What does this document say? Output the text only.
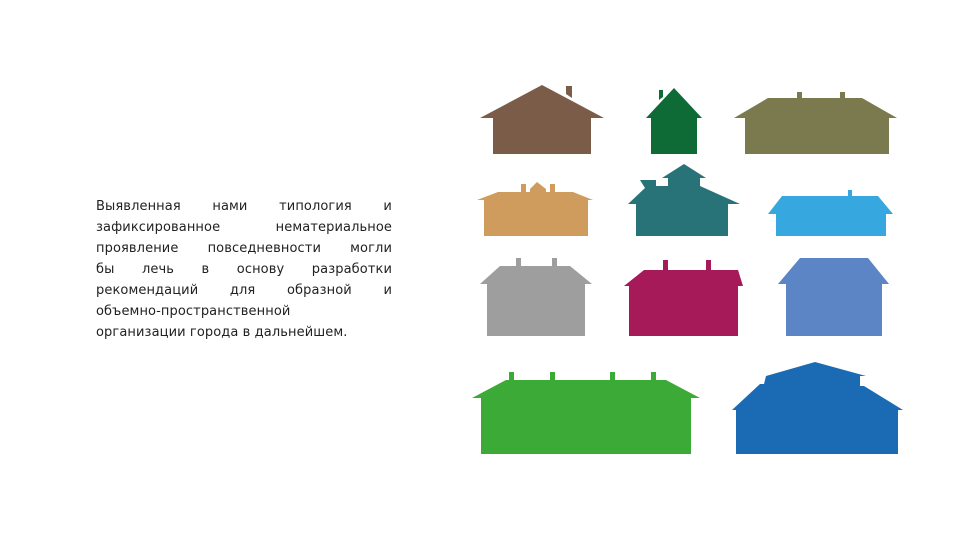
Выявленная нами типология и
зафиксированное нематериальное
проявление повседневности могли
бы лечь в основу разработки
рекомендаций для образной и
объемно-пространственной
организации города в дальнейшем.
